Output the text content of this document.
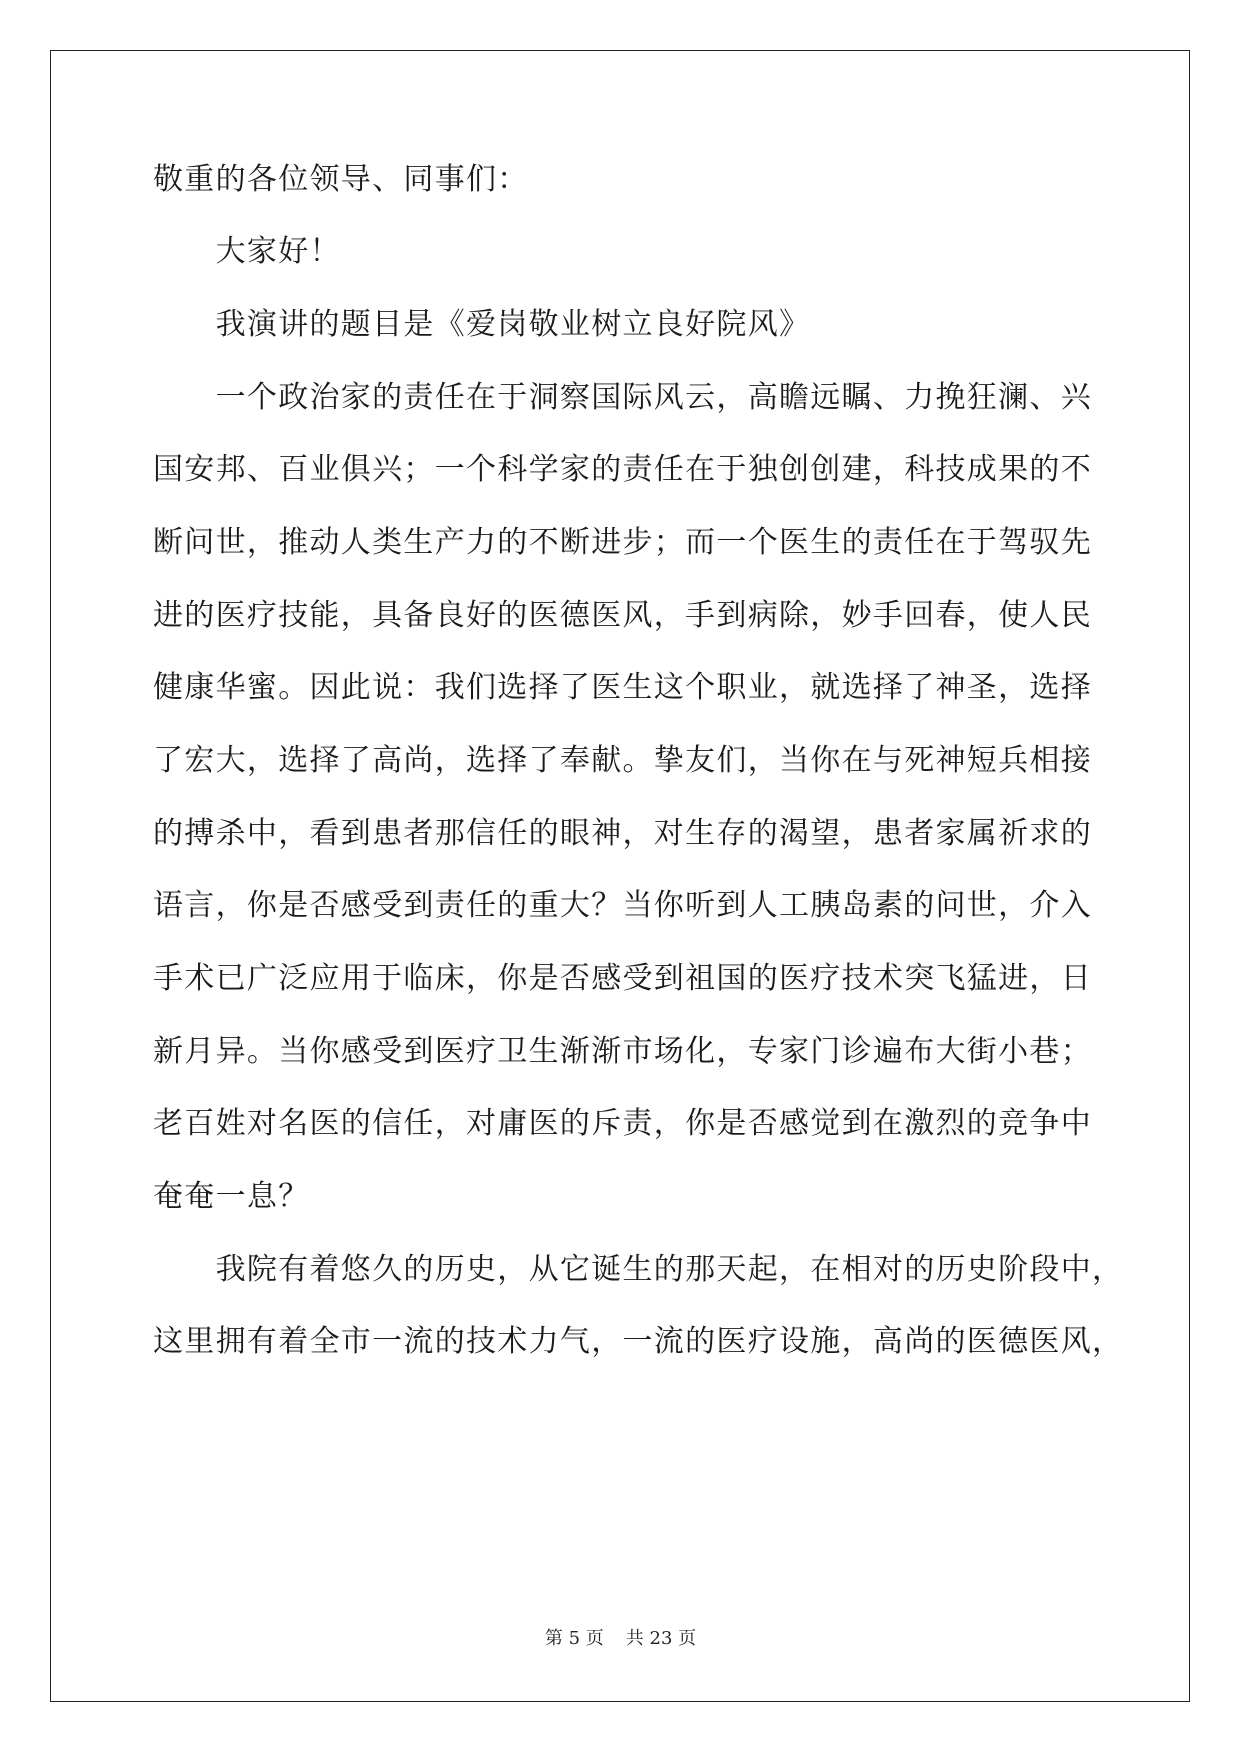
敬重的各位领导、同事们：
　　大家好！
　　我演讲的题目是《爱岗敬业树立良好院风》
　　一个政治家的责任在于洞察国际风云，高瞻远瞩、力挽狂澜、兴
国安邦、百业俱兴；一个科学家的责任在于独创创建，科技成果的不
断问世，推动人类生产力的不断进步；而一个医生的责任在于驾驭先
进的医疗技能，具备良好的医德医风，手到病除，妙手回春，使人民
健康华蜜。因此说：我们选择了医生这个职业，就选择了神圣，选择
了宏大，选择了高尚，选择了奉献。挚友们，当你在与死神短兵相接
的搏杀中，看到患者那信任的眼神，对生存的渴望，患者家属祈求的
语言，你是否感受到责任的重大？当你听到人工胰岛素的问世，介入
手术已广泛应用于临床，你是否感受到祖国的医疗技术突飞猛进，日
新月异。当你感受到医疗卫生渐渐市场化，专家门诊遍布大街小巷；
老百姓对名医的信任，对庸医的斥责，你是否感觉到在激烈的竞争中
奄奄一息？
　　我院有着悠久的历史，从它诞生的那天起，在相对的历史阶段中，
这里拥有着全市一流的技术力气，一流的医疗设施，高尚的医德医风，
第 5 页 共 23 页
